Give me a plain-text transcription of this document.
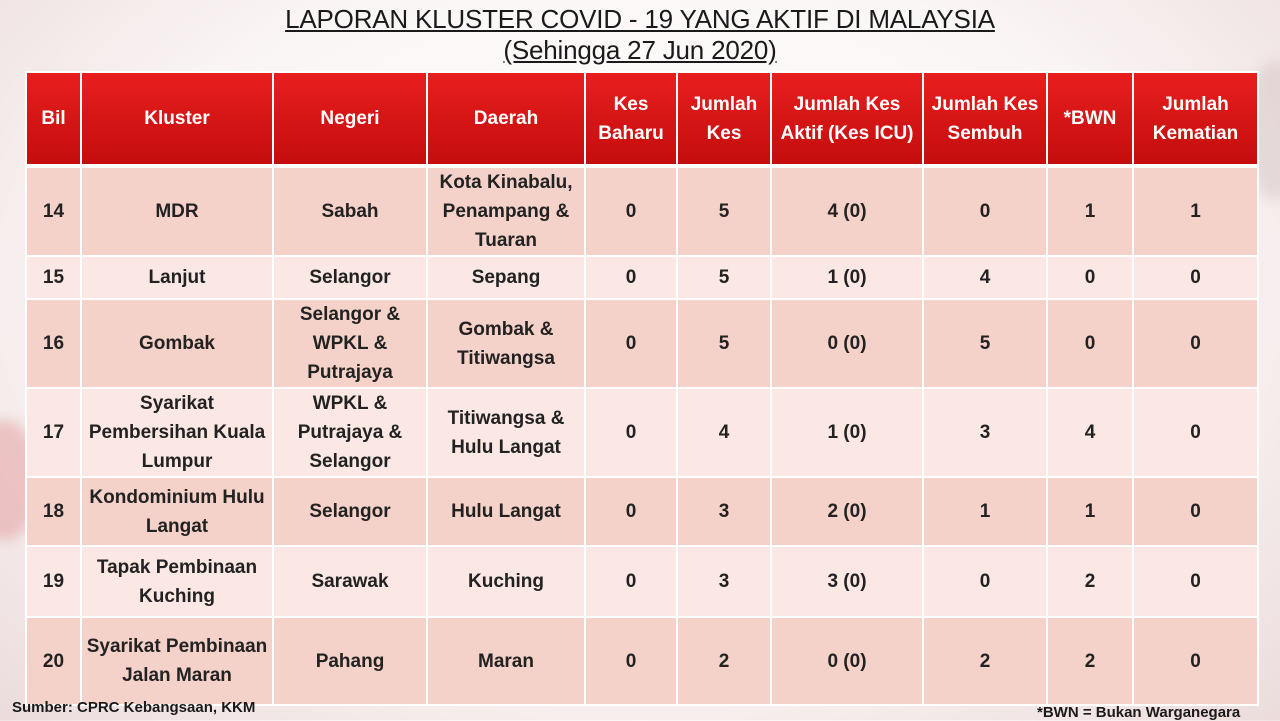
LAPORAN KLUSTER COVID - 19 YANG AKTIF DI MALAYSIA
(Sehingga 27 Jun 2020)
Bil	Kluster	Negeri	Daerah	Kes Baharu	Jumlah Kes	Jumlah Kes Aktif (Kes ICU)	Jumlah Kes Sembuh	*BWN	Jumlah Kematian
14	MDR	Sabah	Kota Kinabalu, Penampang & Tuaran	0	5	4 (0)	0	1	1
15	Lanjut	Selangor	Sepang	0	5	1 (0)	4	0	0
16	Gombak	Selangor & WPKL & Putrajaya	Gombak & Titiwangsa	0	5	0 (0)	5	0	0
17	Syarikat Pembersihan Kuala Lumpur	WPKL & Putrajaya & Selangor	Titiwangsa & Hulu Langat	0	4	1 (0)	3	4	0
18	Kondominium Hulu Langat	Selangor	Hulu Langat	0	3	2 (0)	1	1	0
19	Tapak Pembinaan Kuching	Sarawak	Kuching	0	3	3 (0)	0	2	0
20	Syarikat Pembinaan Jalan Maran	Pahang	Maran	0	2	0 (0)	2	2	0
Sumber: CPRC Kebangsaan, KKM	*BWN = Bukan Warganegara
